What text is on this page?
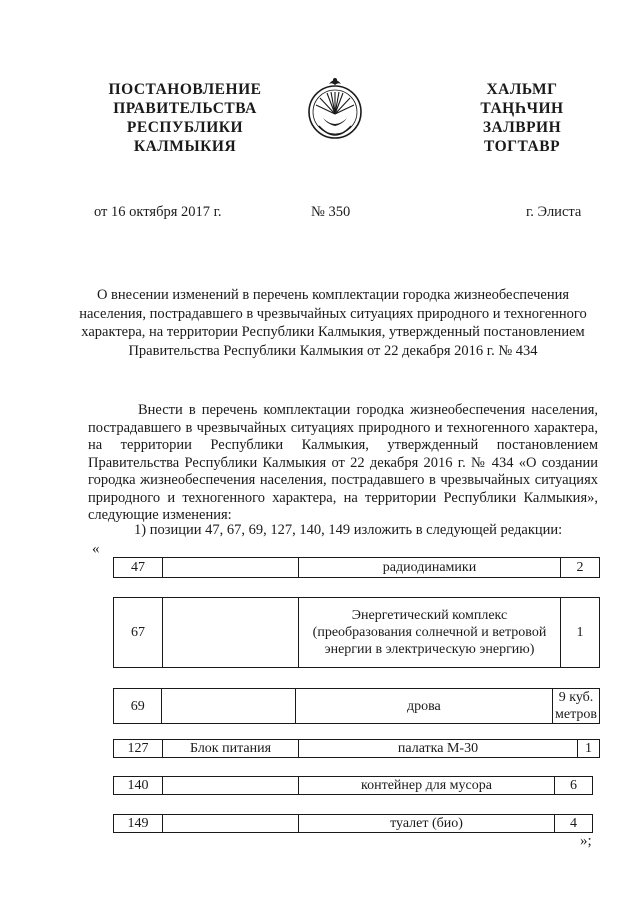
ПОСТАНОВЛЕНИЕ
ПРАВИТЕЛЬСТВА
РЕСПУБЛИКИ
КАЛМЫКИЯ
ХАЛЬМГ
ТАҢҺЧИН
ЗАЛВРИН
ТОГТАВР
от 16 октября 2017 г.	№ 350	г. Элиста
О внесении изменений в перечень комплектации городка жизнеобеспечения населения, пострадавшего в чрезвычайных ситуациях природного и техногенного характера, на территории Республики Калмыкия, утвержденный постановлением Правительства Республики Калмыкия от 22 декабря 2016 г. № 434

Внести в перечень комплектации городка жизнеобеспечения населения, пострадавшего в чрезвычайных ситуациях природного и техногенного характера, на территории Республики Калмыкия, утвержденный постановлением Правительства Республики Калмыкия от 22 декабря 2016 г. № 434 «О создании городка жизнеобеспечения населения, пострадавшего в чрезвычайных ситуациях природного и техногенного характера, на территории Республики Калмыкия», следующие изменения:

1) позиции 47, 67, 69, 127, 140, 149 изложить в следующей редакции:
«
47		радиодинамики	2
67		Энергетический комплекс (преобразования солнечной и ветровой энергии в электрическую энергию)	1
69		дрова	9 куб. метров
127	Блок питания	палатка М-30	1
140		контейнер для мусора	6
149		туалет (био)	4
»;
